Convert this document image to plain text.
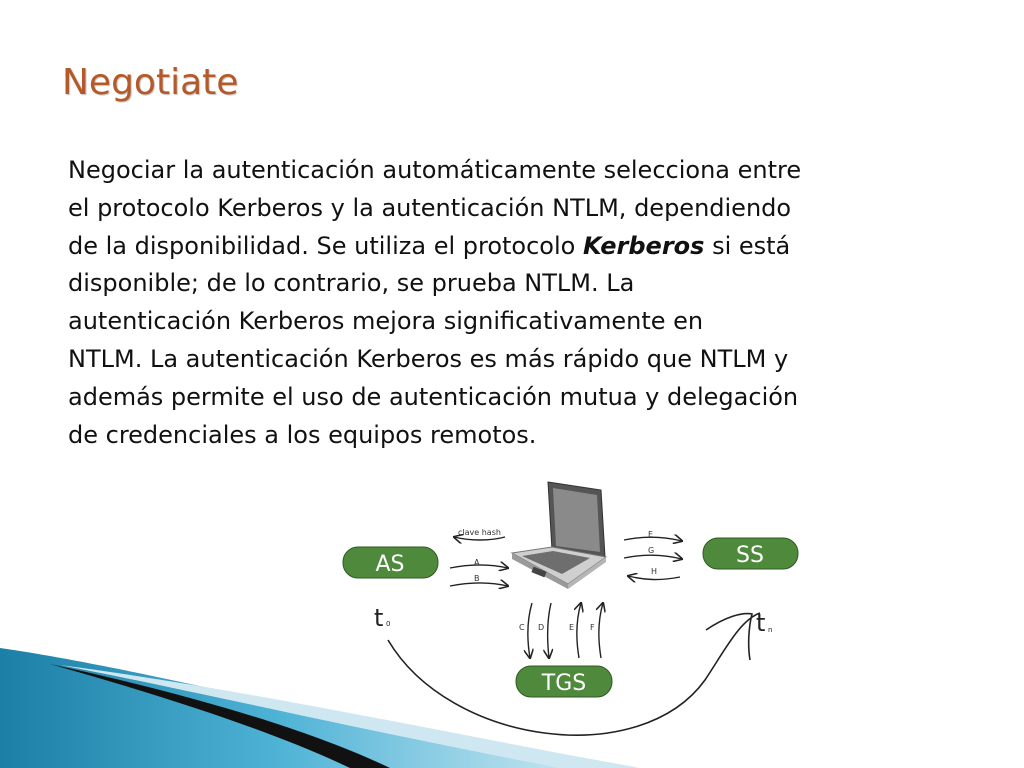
Negotiate
Negociar la autenticación automáticamente selecciona entre
el protocolo Kerberos y la autenticación NTLM, dependiendo
de la disponibilidad. Se utiliza el protocolo Kerberos si está
disponible; de lo contrario, se prueba NTLM. La
autenticación Kerberos mejora significativamente en
NTLM. La autenticación Kerberos es más rápido que NTLM y
además permite el uso de autenticación mutua y delegación
de credenciales a los equipos remotos.
t 0	t n
AS	SS
TGS
clave hash
A
B
E
G
H
C D	E F
